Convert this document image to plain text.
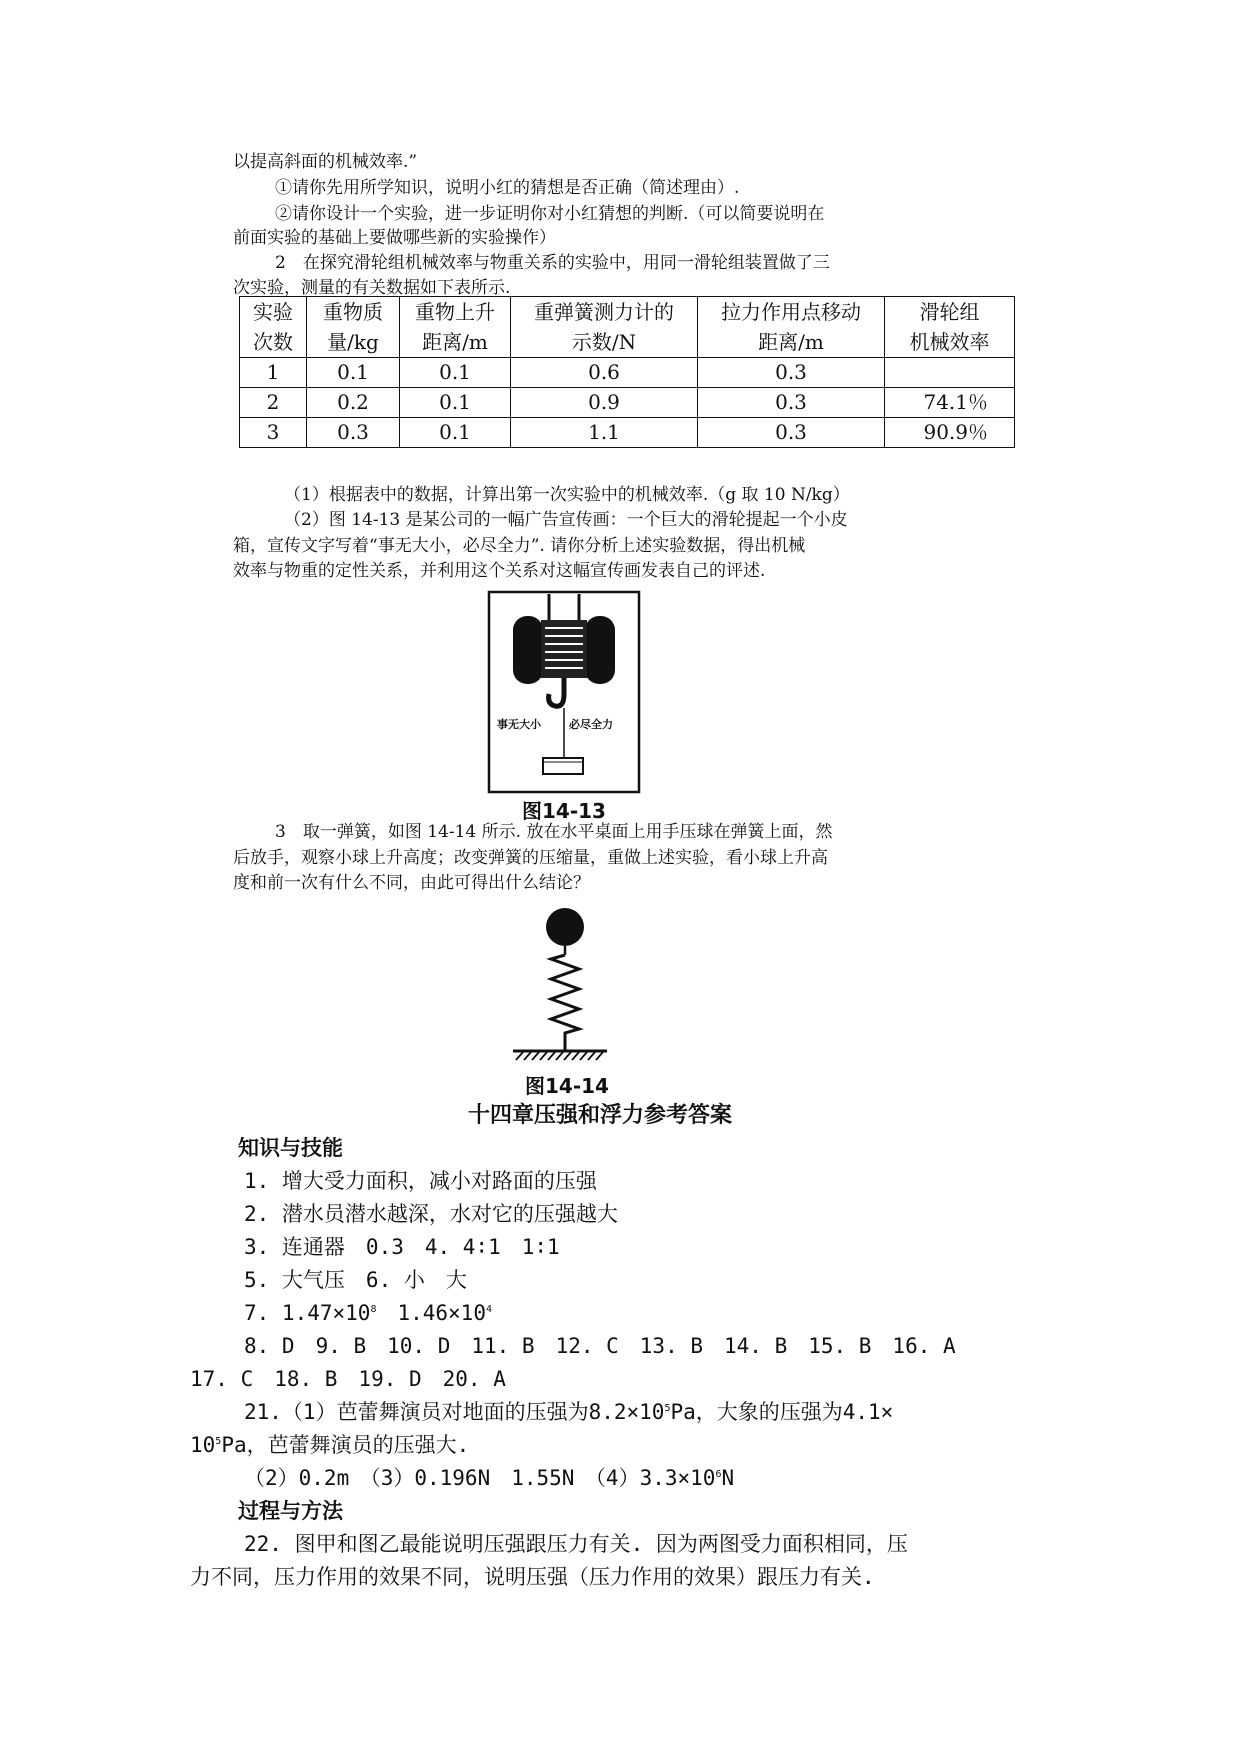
以提高斜面的机械效率.”

①请你先用所学知识，说明小红的猜想是否正确（简述理由）.

②请你设计一个实验，进一步证明你对小红猜想的判断.（可以简要说明在

前面实验的基础上要做哪些新的实验操作）

2　在探究滑轮组机械效率与物重关系的实验中，用同一滑轮组装置做了三

次实验，测量的有关数据如下表所示.

实验
次数	重物质
量/kg	重物上升
距离/m	重弹簧测力计的
示数/N	拉力作用点移动
距离/m	滑轮组
机械效率
1	0.1	0.1	0.6	0.3	
2	0.2	0.1	0.9	0.3	74.1％
3	0.3	0.1	1.1	0.3	90.9％

（1）根据表中的数据，计算出第一次实验中的机械效率.（g 取 10 N/kg）

（2）图 14-13 是某公司的一幅广告宣传画：一个巨大的滑轮提起一个小皮

箱，宣传文字写着“事无大小，必尽全力”. 请你分析上述实验数据，得出机械

效率与物重的定性关系，并利用这个关系对这幅宣传画发表自己的评述.

事无大小	必尽全力

图14-13

3　取一弹簧，如图 14-14 所示. 放在水平桌面上用手压球在弹簧上面，然

后放手，观察小球上升高度；改变弹簧的压缩量，重做上述实验，看小球上升高

度和前一次有什么不同，由此可得出什么结论？

图14-14

十四章压强和浮力参考答案

知识与技能

1. 增大受力面积，减小对路面的压强

2. 潜水员潜水越深，水对它的压强越大

3. 连通器　0.3　4. 4∶1　1∶1

5. 大气压　6. 小　大

7. $1.47\times 10^8$　$1.46\times 10^4$

8. D　9. B　10. D　11. B　12. C　13. B　14. B　15. B　16. A

17. C　18. B　19. D　20. A

21.（1）芭蕾舞演员对地面的压强为$8.2\times 10^5Pa$，大象的压强为4.1×

$10^5Pa$，芭蕾舞演员的压强大.

（2）0.2m　（3）0.196N　1.55N　$(4)3.3\times 10^6N$

过程与方法

22. 图甲和图乙最能说明压强跟压力有关. 因为两图受力面积相同，压

力不同，压力作用的效果不同，说明压强（压力作用的效果）跟压力有关.
